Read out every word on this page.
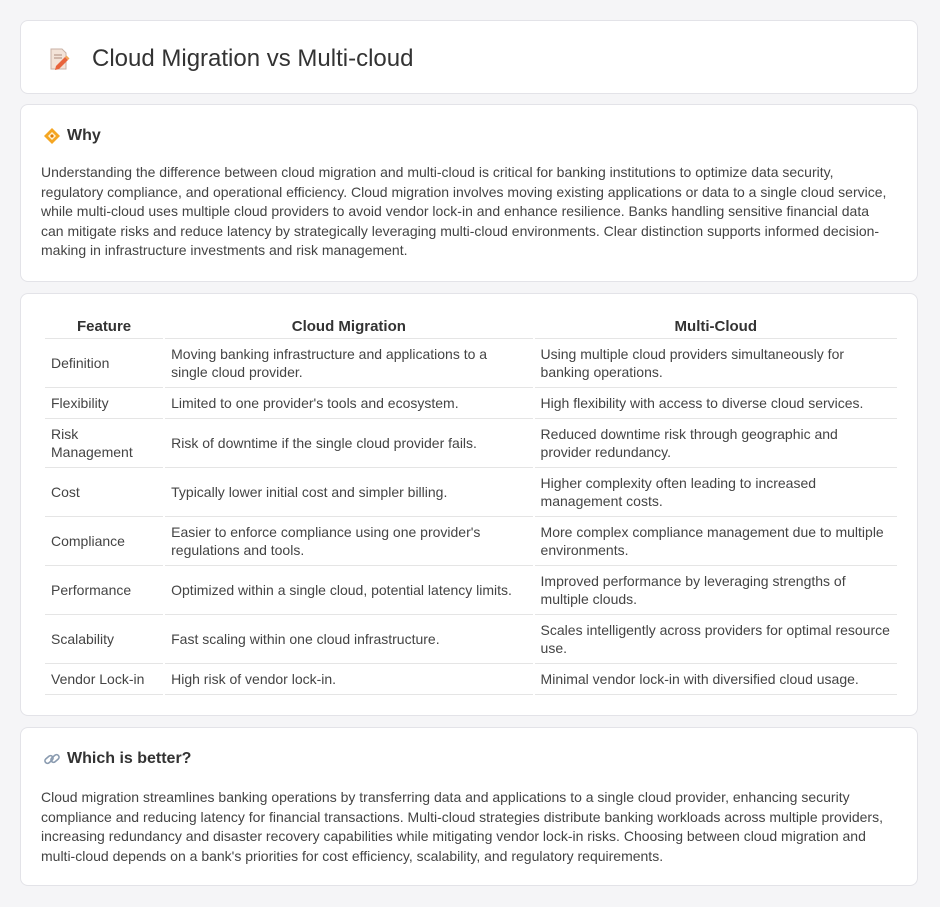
Cloud Migration vs Multi-cloud
Why

Understanding the difference between cloud migration and multi-cloud is critical for banking institutions to optimize data security, regulatory compliance, and operational efficiency. Cloud migration involves moving existing applications or data to a single cloud service, while multi-cloud uses multiple cloud providers to avoid vendor lock-in and enhance resilience. Banks handling sensitive financial data can mitigate risks and reduce latency by strategically leveraging multi-cloud environments. Clear distinction supports informed decision-making in infrastructure investments and risk management.

Feature	Cloud Migration	Multi-Cloud
Definition	Moving banking infrastructure and applications to a single cloud provider.	Using multiple cloud providers simultaneously for banking operations.
Flexibility	Limited to one provider's tools and ecosystem.	High flexibility with access to diverse cloud services.
Risk Management	Risk of downtime if the single cloud provider fails.	Reduced downtime risk through geographic and provider redundancy.
Cost	Typically lower initial cost and simpler billing.	Higher complexity often leading to increased management costs.
Compliance	Easier to enforce compliance using one provider's regulations and tools.	More complex compliance management due to multiple environments.
Performance	Optimized within a single cloud, potential latency limits.	Improved performance by leveraging strengths of multiple clouds.
Scalability	Fast scaling within one cloud infrastructure.	Scales intelligently across providers for optimal resource use.
Vendor Lock-in	High risk of vendor lock-in.	Minimal vendor lock-in with diversified cloud usage.
Which is better?

Cloud migration streamlines banking operations by transferring data and applications to a single cloud provider, enhancing security compliance and reducing latency for financial transactions. Multi-cloud strategies distribute banking workloads across multiple providers, increasing redundancy and disaster recovery capabilities while mitigating vendor lock-in risks. Choosing between cloud migration and multi-cloud depends on a bank's priorities for cost efficiency, scalability, and regulatory requirements.
